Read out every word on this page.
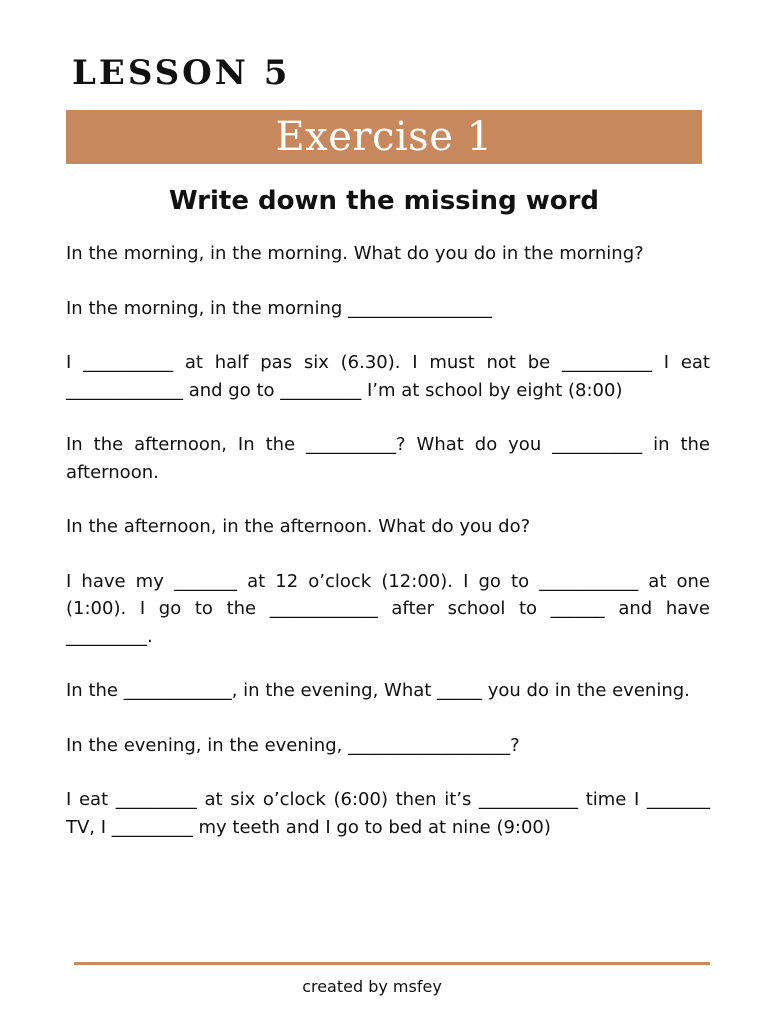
LESSON 5
Exercise 1
Write down the missing word

In the morning, in the morning. What do you do in the morning?

In the morning, in the morning ________________

I __________ at half pas six (6.30). I must not be __________ I eat _____________ and go to _________ I’m at school by eight (8:00)

In the afternoon, In the __________? What do you __________ in the afternoon.

In the afternoon, in the afternoon. What do you do?

I have my _______ at 12 o’clock (12:00). I go to ___________ at one (1:00). I go to the ____________ after school to ______ and have _________.

In the ____________, in the evening, What _____ you do in the evening.

In the evening, in the evening, __________________?

I eat _________ at six o’clock (6:00) then it’s ___________ time I _______ TV, I _________ my teeth and I go to bed at nine (9:00)

created by msfey
